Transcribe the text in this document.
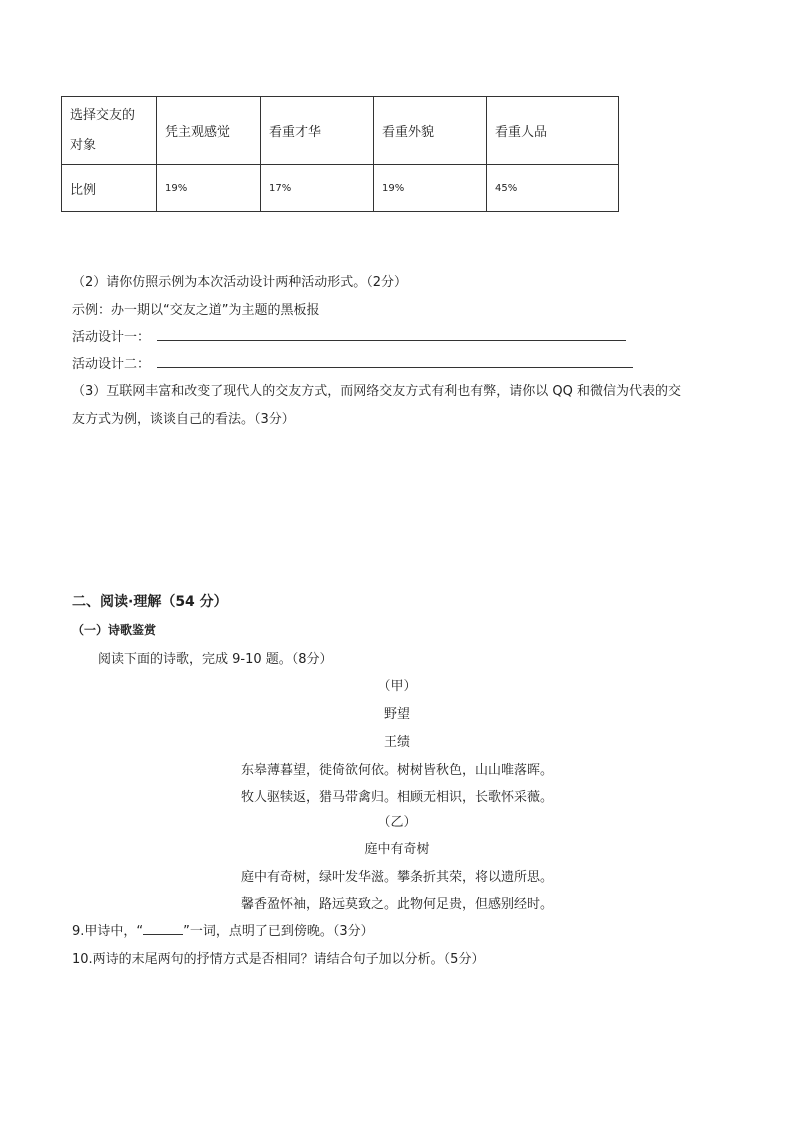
选择交友的
对象	凭主观感觉	看重才华	看重外貌	看重人品
比例	19%	17%	19%	45%
（2）请你仿照示例为本次活动设计两种活动形式。（2分）
示例：办一期以“交友之道”为主题的黑板报
活动设计一：
活动设计二：
（3）互联网丰富和改变了现代人的交友方式，而网络交友方式有利也有弊，请你以 QQ 和微信为代表的交
友方式为例，谈谈自己的看法。（3分）
二、阅读·理解（54 分）
（一）诗歌鉴赏
阅读下面的诗歌，完成 9-10 题。（8分）
（甲）
野望
王绩
东皋薄暮望，徙倚欲何依。树树皆秋色，山山唯落晖。
牧人驱犊返，猎马带禽归。相顾无相识，长歌怀采薇。
（乙）
庭中有奇树
庭中有奇树，绿叶发华滋。攀条折其荣，将以遗所思。
馨香盈怀袖，路远莫致之。此物何足贵，但感别经时。
9.甲诗中，“	”一词，点明了已到傍晚。（3分）
10.两诗的末尾两句的抒情方式是否相同？请结合句子加以分析。（5分）
